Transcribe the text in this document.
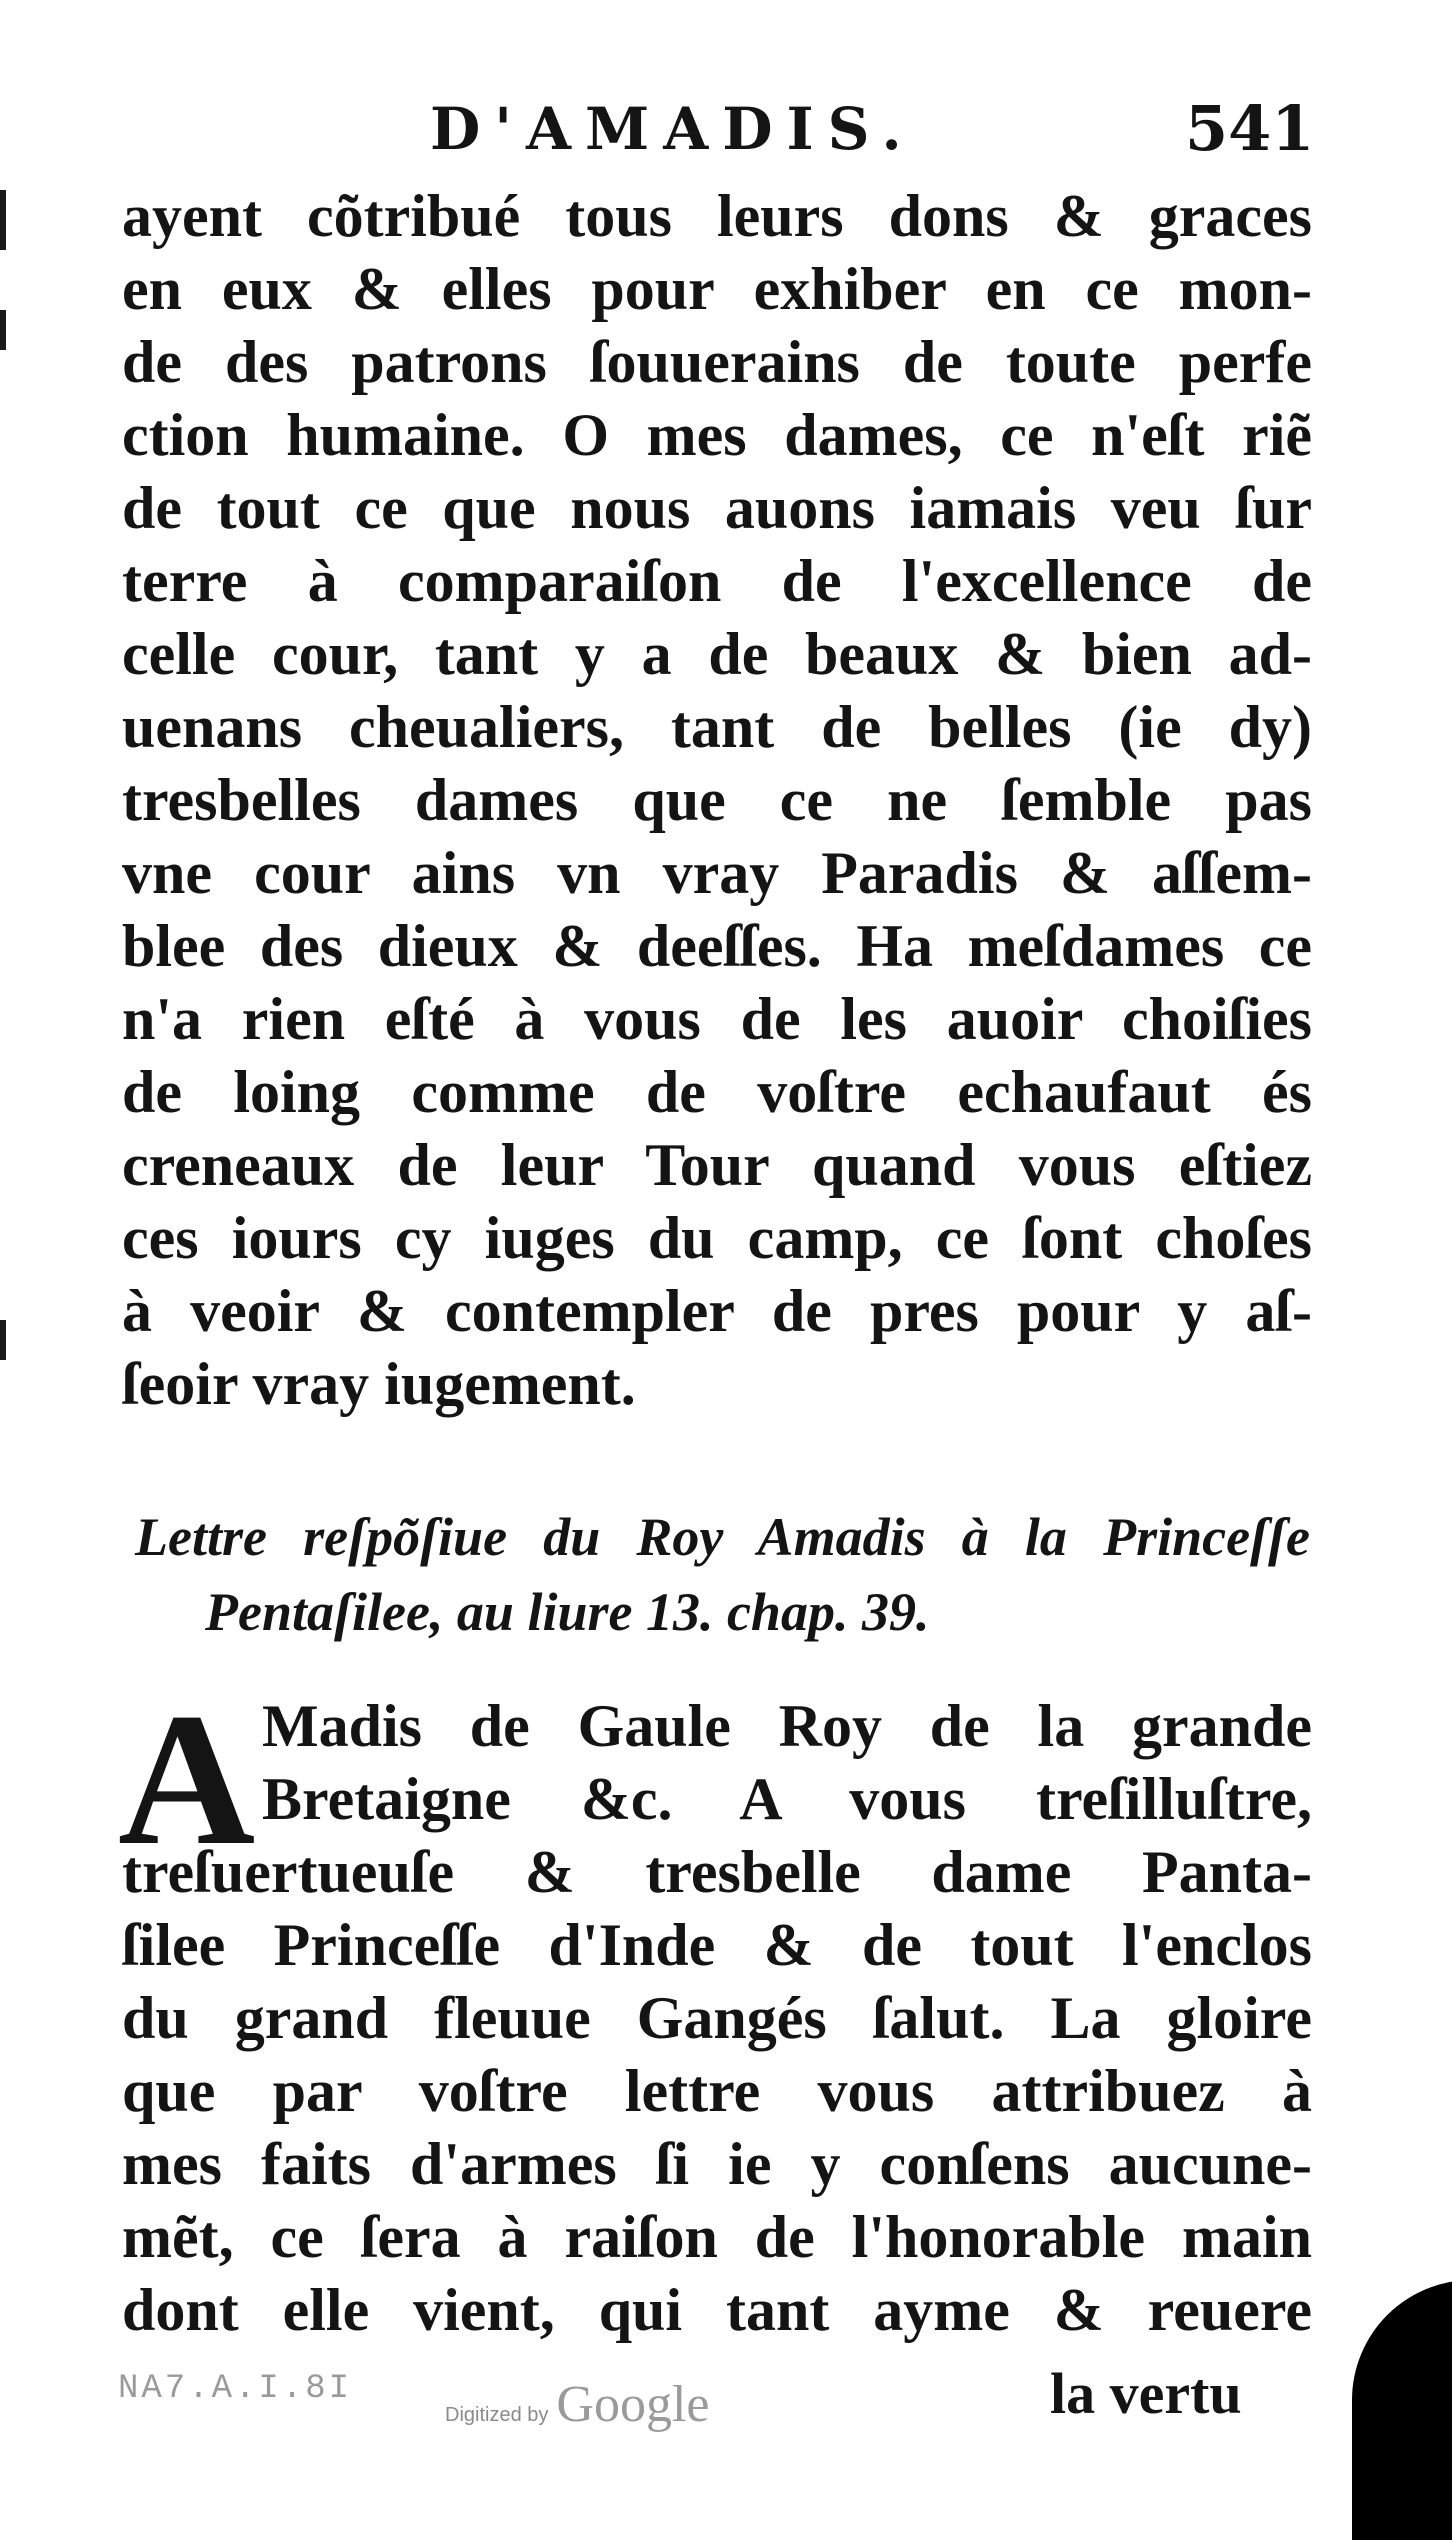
D'AMADIS.	541
ayent cõtribué tous leurs dons & graces
en eux & elles pour exhiber en ce mon-
de des patrons ſouuerains de toute perfe
ction humaine. O mes dames, ce n'eſt riẽ
de tout ce que nous auons iamais veu ſur
terre à comparaiſon de l'excellence de
celle cour, tant y a de beaux & bien ad-
uenans cheualiers, tant de belles (ie dy)
tresbelles dames que ce ne ſemble pas
vne cour ains vn vray Paradis & aſſem-
blee des dieux & deeſſes. Ha meſdames ce
n'a rien eſté à vous de les auoir choiſies
de loing comme de voſtre echaufaut és
creneaux de leur Tour quand vous eſtiez
ces iours cy iuges du camp, ce ſont choſes
à veoir & contempler de pres pour y aſ-
ſeoir vray iugement.
Lettre reſpõſiue du Roy Amadis à la Princeſſe
Pentaſilee, au liure 13. chap. 39.
A Madis de Gaule Roy de la grande
Bretaigne &c. A vous treſilluſtre,
treſuertueuſe & tresbelle dame Panta-
ſilee Princeſſe d'Inde & de tout l'enclos
du grand fleuue Gangés ſalut. La gloire
que par voſtre lettre vous attribuez à
mes faits d'armes ſi ie y conſens aucune-
mẽt, ce ſera à raiſon de l'honorable main
dont elle vient, qui tant ayme & reuere
NA7.A.I.8I
Digitized by Google	la vertu
